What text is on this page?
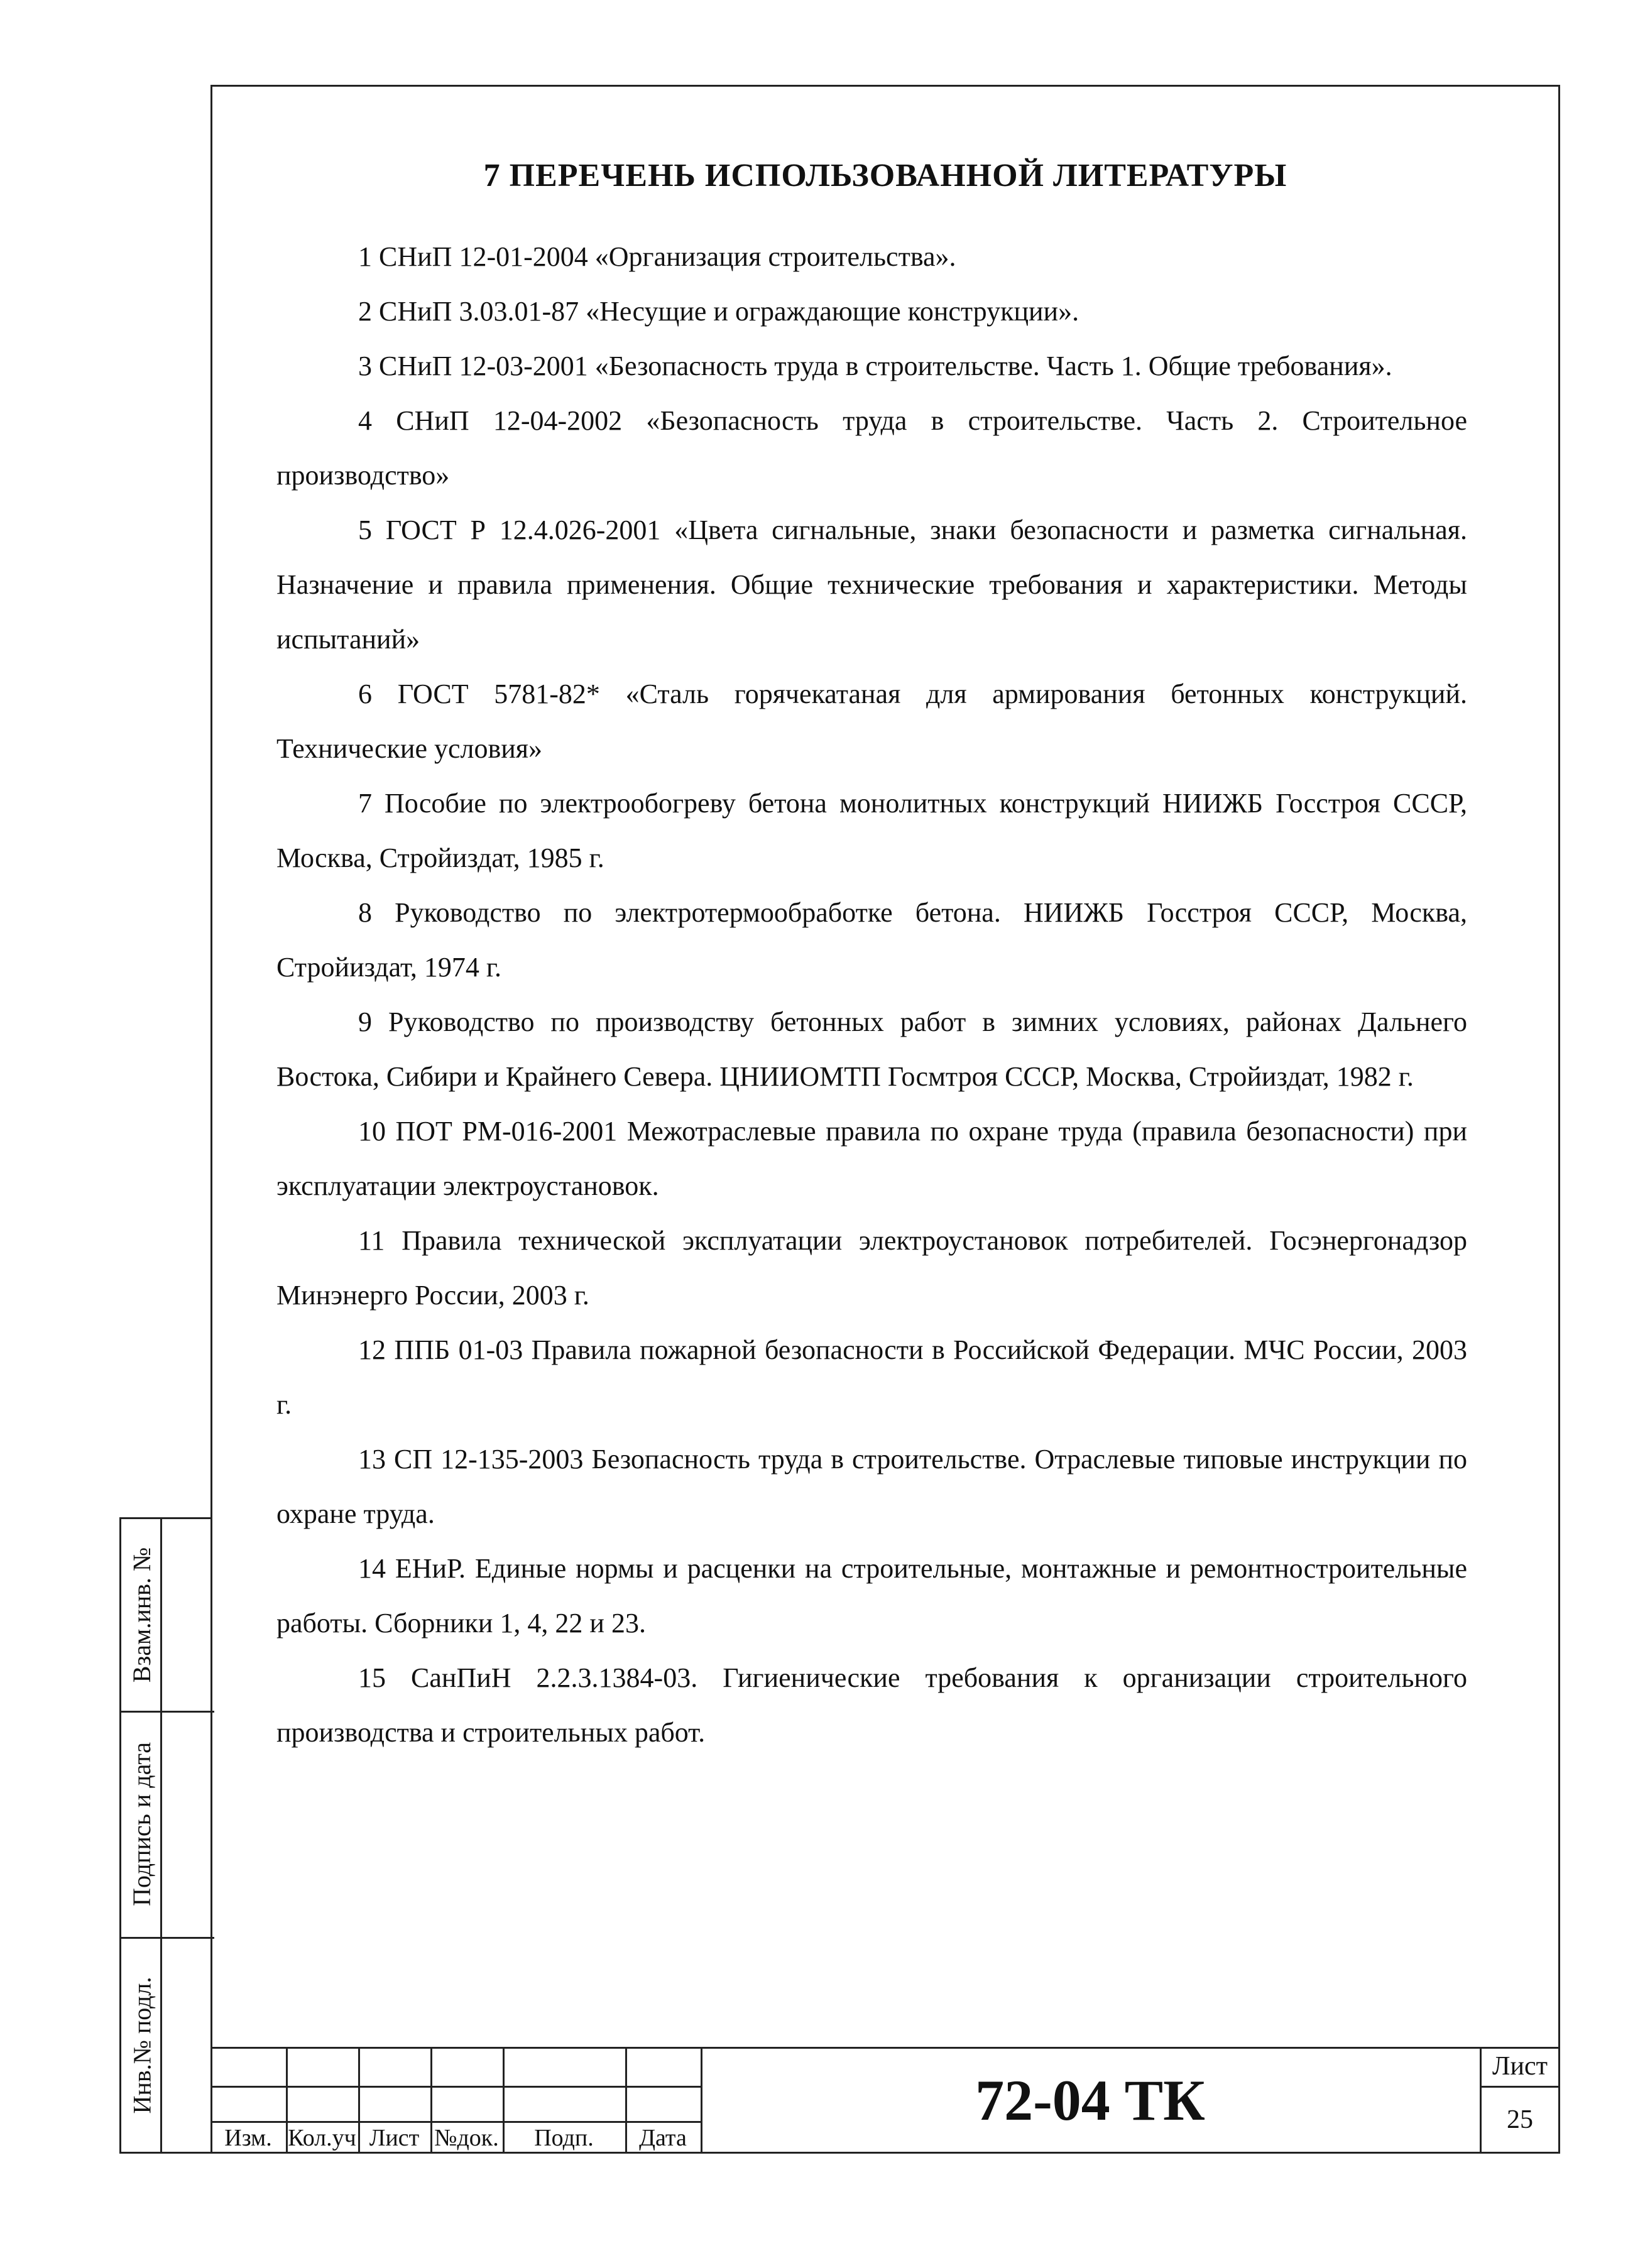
7 ПЕРЕЧЕНЬ ИСПОЛЬЗОВАННОЙ ЛИТЕРАТУРЫ
1 СНиП 12-01-2004 «Организация строительства».
2 СНиП 3.03.01-87 «Несущие и ограждающие конструкции».
3 СНиП 12-03-2001 «Безопасность труда в строительстве. Часть 1. Общие требования».
4 СНиП 12-04-2002 «Безопасность труда в строительстве. Часть 2. Строительное производство»
5 ГОСТ Р 12.4.026-2001 «Цвета сигнальные, знаки безопасности и разметка сигнальная. Назначение и правила применения. Общие технические требования и характеристики. Методы испытаний»
6 ГОСТ 5781-82* «Сталь горячекатаная для армирования бетонных конструкций. Технические условия»
7 Пособие по электрообогреву бетона монолитных конструкций НИИЖБ Госстроя СССР, Москва, Стройиздат, 1985 г.
8 Руководство по электротермообработке бетона. НИИЖБ Госстроя СССР, Москва, Стройиздат, 1974 г.
9 Руководство по производству бетонных работ в зимних условиях, районах Дальнего Востока, Сибири и Крайнего Севера. ЦНИИОМТП Госмтроя СССР, Москва, Стройиздат, 1982 г.
10 ПОТ РМ-016-2001 Межотраслевые правила по охране труда (правила безопасности) при эксплуатации электроустановок.
11 Правила технической эксплуатации электроустановок потребителей. Госэнергонадзор Минэнерго России, 2003 г.
12 ППБ 01-03 Правила пожарной безопасности в Российской Федерации. МЧС России, 2003 г.
13 СП 12-135-2003 Безопасность труда в строительстве. Отраслевые типовые инструкции по охране труда.
14 ЕНиР. Единые нормы и расценки на строительные, монтажные и ремонтностроительные работы. Сборники 1, 4, 22 и 23.
15 СанПиН 2.2.3.1384-03. Гигиенические требования к организации строительного производства и строительных работ.
Взам.инв. №
Подпись и дата
Инв.№ подл.
Изм. Кол.уч Лист №док.	Подп.	Дата
72-04 ТК
Лист
25
